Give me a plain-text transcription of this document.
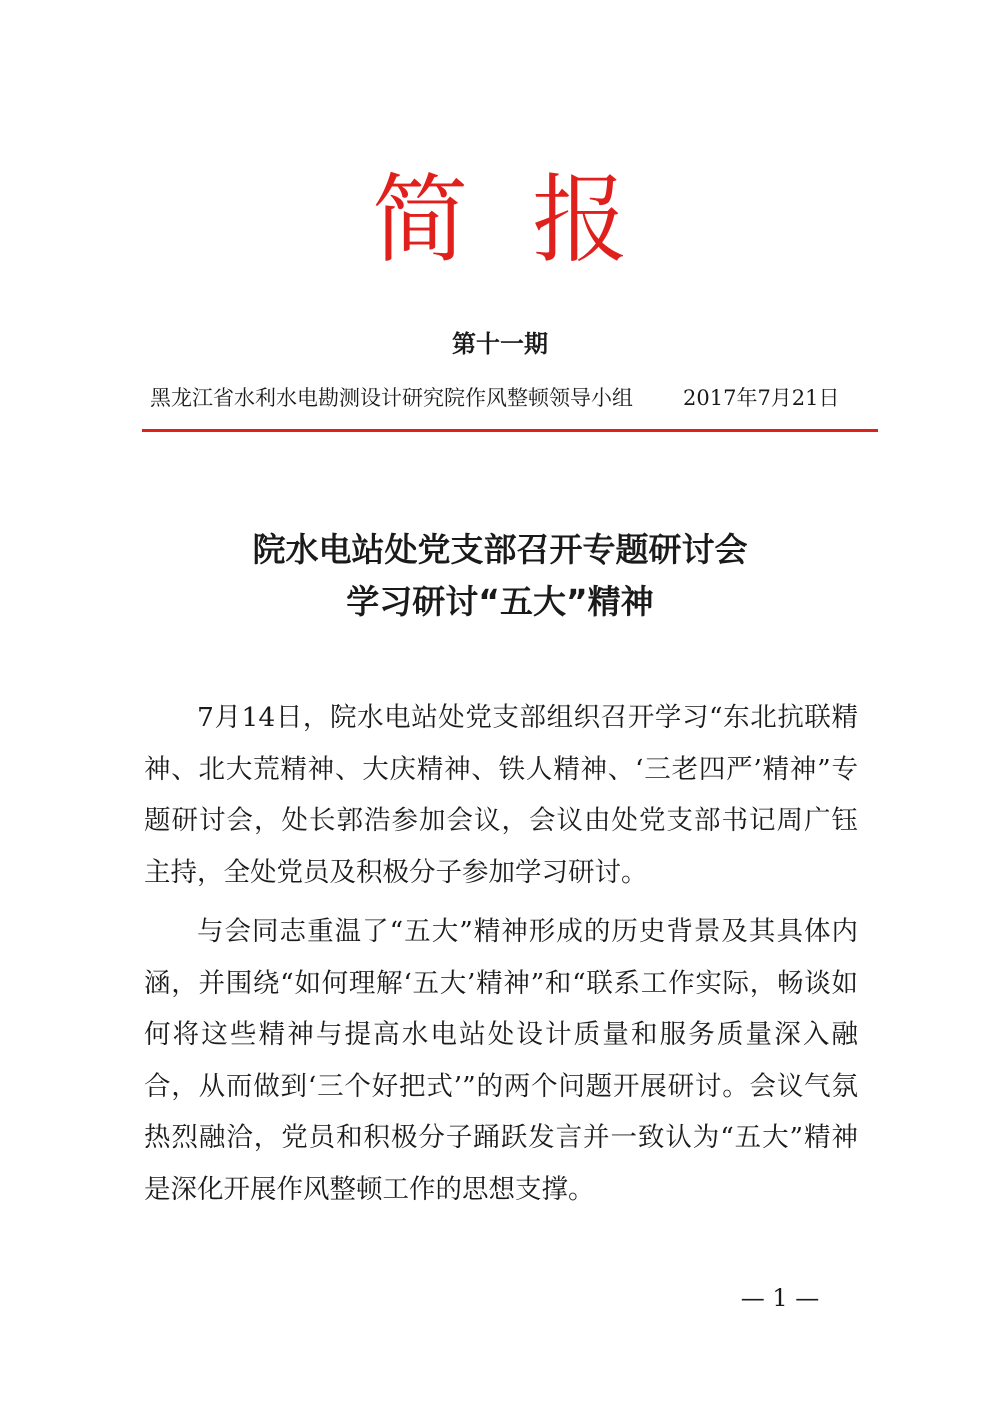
简报
第十一期
黑龙江省水利水电勘测设计研究院作风整顿领导小组 2017年7月21日
院水电站处党支部召开专题研讨会
学习研讨“五大”精神

7月14日，院水电站处党支部组织召开学习“东北抗联精神、北大荒精神、大庆精神、铁人精神、‘三老四严’精神”专题研讨会，处长郭浩参加会议，会议由处党支部书记周广钰主持，全处党员及积极分子参加学习研讨。

与会同志重温了“五大”精神形成的历史背景及其具体内涵，并围绕“如何理解‘五大’精神”和“联系工作实际，畅谈如何将这些精神与提高水电站处设计质量和服务质量深入融合，从而做到‘三个好把式’”的两个问题开展研讨。会议气氛热烈融洽，党员和积极分子踊跃发言并一致认为“五大”精神是深化开展作风整顿工作的思想支撑。

— 1 —
